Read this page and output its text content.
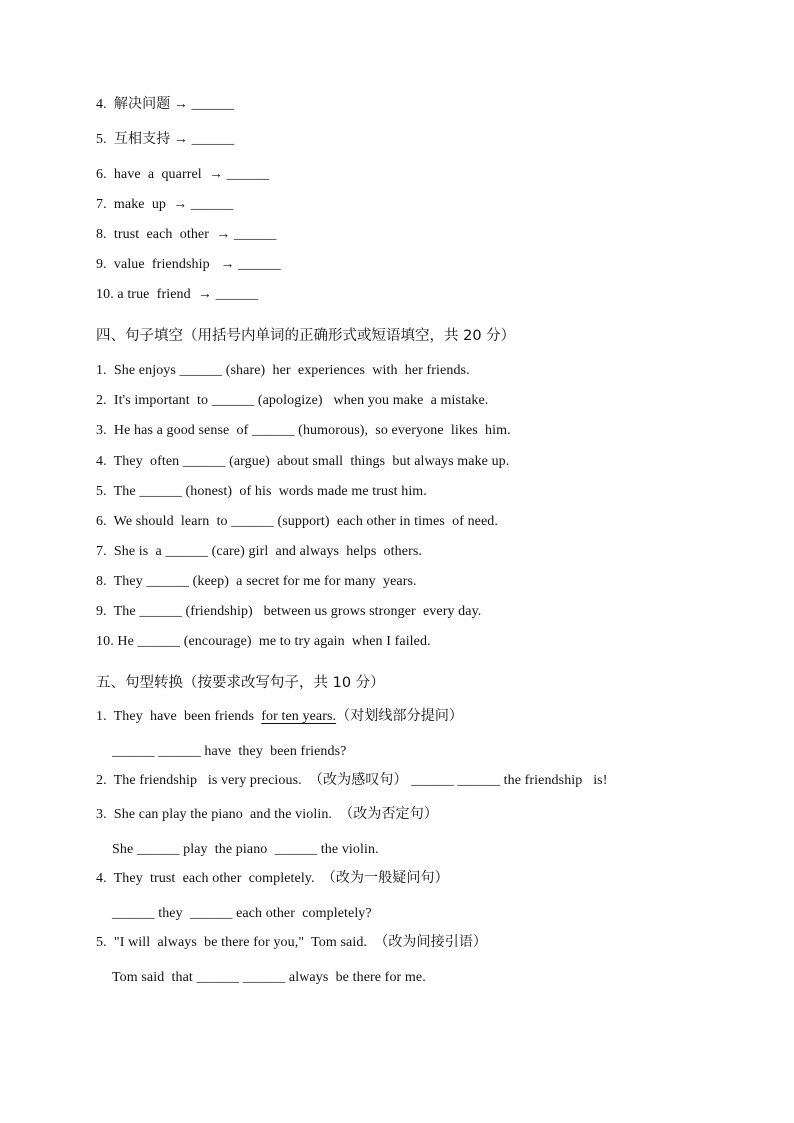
4.  解决问题 → ______
5.  互相支持 → ______
6.  have  a  quarrel  → ______
7.  make  up  → ______
8.  trust  each  other  → ______
9.  value  friendship   → ______
10. a true  friend  → ______
四、句子填空（用括号内单词的正确形式或短语填空，共 20 分）
1.  She enjoys ______ (share)  her  experiences  with  her friends.
2.  It's important  to ______ (apologize)   when you make  a mistake.
3.  He has a good sense  of ______ (humorous),  so everyone  likes  him.
4.  They  often ______ (argue)  about small  things  but always make up.
5.  The ______ (honest)  of his  words made me trust him.
6.  We should  learn  to ______ (support)  each other in times  of need.
7.  She is  a ______ (care) girl  and always  helps  others.
8.  They ______ (keep)  a secret for me for many  years.
9.  The ______ (friendship)   between us grows stronger  every day.
10. He ______ (encourage)  me to try again  when I failed.
五、句型转换（按要求改写句子，共 10 分）
1.  They  have  been friends  for ten years.（对划线部分提问）
______ ______ have  they  been friends?
2.  The friendship   is very precious.  （改为感叹句） ______ ______ the friendship   is!
3.  She can play the piano  and the violin.  （改为否定句）
She ______ play  the piano  ______ the violin.
4.  They  trust  each other  completely.  （改为一般疑问句）
______ they  ______ each other  completely?
5.  "I will  always  be there for you,"  Tom said.  （改为间接引语）
Tom said  that ______ ______ always  be there for me.
